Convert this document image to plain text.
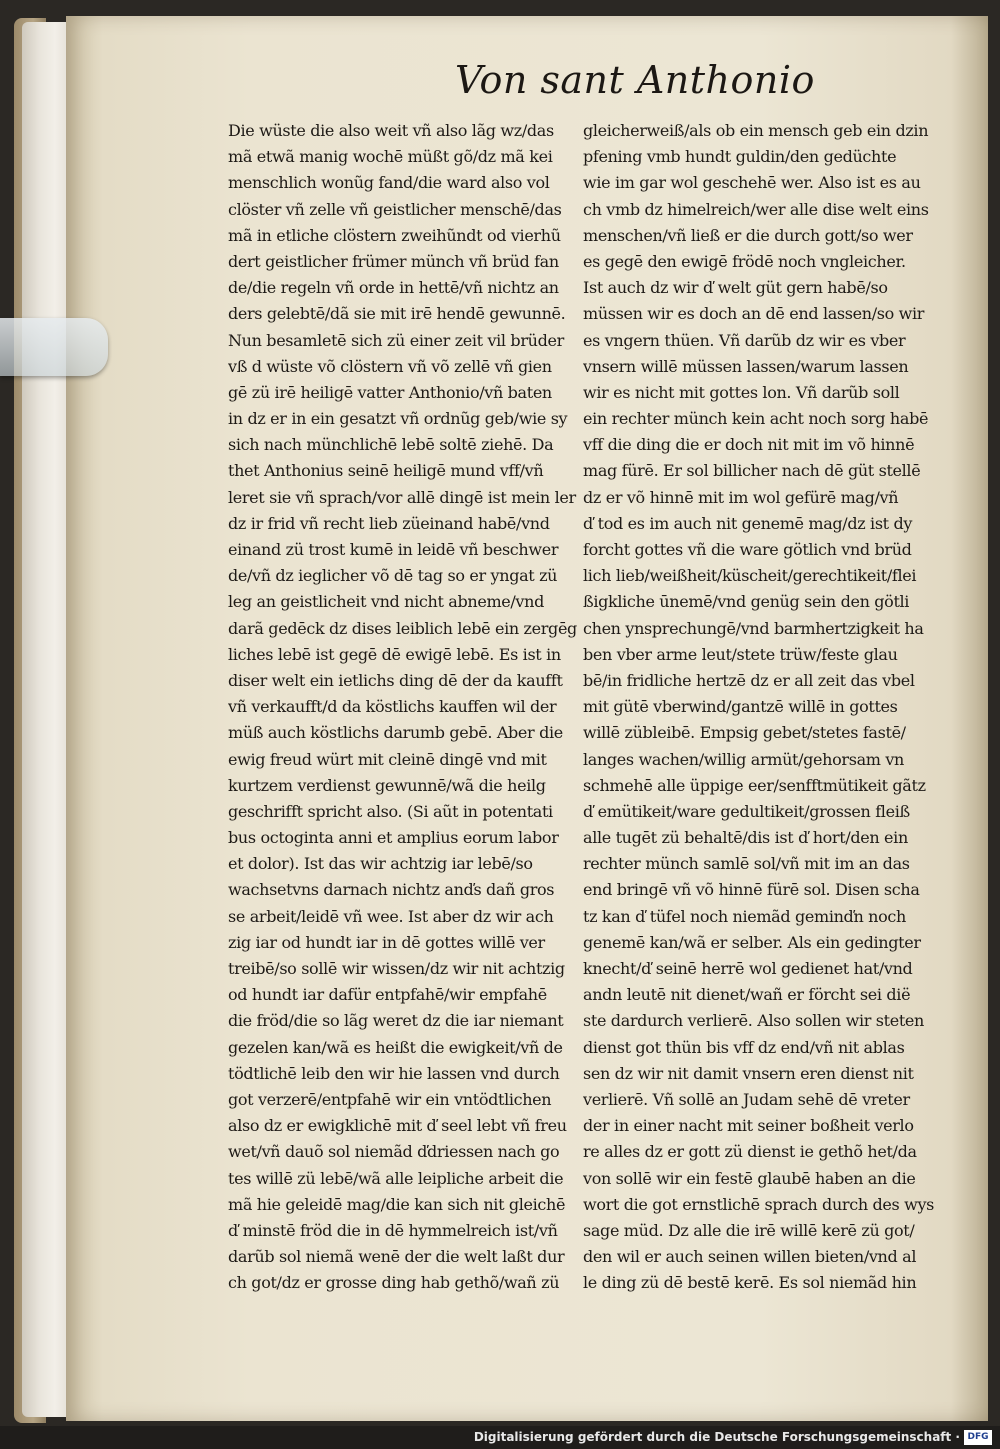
Von sant Anthonio
Die wüste die also weit vñ also lãg wz/das
mã etwã manig wochē müßt gõ/dz mã kei
menschlich wonũg fand/die ward also vol
clöster vñ zelle vñ geistlicher menschē/das
mã in etliche clöstern zweihũndt od vierhũ
dert geistlicher frümer münch vñ brüd fan
de/die regeln vñ orde in hettē/vñ nichtz an
ders gelebtē/dã sie mit irē hendē gewunnē.
Nun besamletē sich zü einer zeit vil brüder
vß d wüste võ clöstern vñ võ zellē vñ gien
gē zü irē heiligē vatter Anthonio/vñ baten
in dz er in ein gesatzt vñ ordnũg geb/wie sy
sich nach münchlichē lebē soltē ziehē. Da
thet Anthonius seinē heiligē mund vff/vñ
leret sie vñ sprach/vor allē dingē ist mein ler
dz ir frid vñ recht lieb züeinand habē/vnd
einand zü trost kumē in leidē vñ beschwer
de/vñ dz ieglicher võ dē tag so er yngat zü
leg an geistlicheit vnd nicht abneme/vnd
darã gedēck dz dises leiblich lebē ein zergēg
liches lebē ist gegē dē ewigē lebē. Es ist in
diser welt ein ietlichs ding dē der da kaufft
vñ verkaufft/d da köstlichs kauffen wil der
müß auch köstlichs darumb gebē. Aber die
ewig freud würt mit cleinē dingē vnd mit
kurtzem verdienst gewunnē/wã die heilg
geschrifft spricht also. (Si aũt in potentati
bus octoginta anni et amplius eorum labor
et dolor). Ist das wir achtzig iar lebē/so
wachsetvns darnach nichtz anďs dañ gros
se arbeit/leidē vñ wee. Ist aber dz wir ach
zig iar od hundt iar in dē gottes willē ver
treibē/so sollē wir wissen/dz wir nit achtzig
od hundt iar dafür entpfahē/wir empfahē
die fröd/die so lãg weret dz die iar niemant
gezelen kan/wã es heißt die ewigkeit/vñ de
tödtlichē leib den wir hie lassen vnd durch
got verzerē/entpfahē wir ein vntödtlichen
also dz er ewigklichē mit ď seel lebt vñ freu
wet/vñ dauõ sol niemãd ďdriessen nach go
tes willē zü lebē/wã alle leipliche arbeit die
mã hie geleidē mag/die kan sich nit gleichē
ď minstē fröd die in dē hymmelreich ist/vñ
darũb sol niemã wenē der die welt laßt dur
ch got/dz er grosse ding hab gethõ/wañ zü
gleicherweiß/als ob ein mensch geb ein dzin
pfening vmb hundt guldin/den gedüchte
wie im gar wol geschehē wer. Also ist es au
ch vmb dz himelreich/wer alle dise welt eins
menschen/vñ ließ er die durch gott/so wer
es gegē den ewigē frödē noch vngleicher.
Ist auch dz wir ď welt güt gern habē/so
müssen wir es doch an dē end lassen/so wir
es vngern thüen. Vñ darũb dz wir es vber
vnsern willē müssen lassen/warum lassen
wir es nicht mit gottes lon. Vñ darũb soll
ein rechter münch kein acht noch sorg habē
vff die ding die er doch nit mit im võ hinnē
mag fürē. Er sol billicher nach dē güt stellē
dz er võ hinnē mit im wol gefürē mag/vñ
ď tod es im auch nit genemē mag/dz ist dy
forcht gottes vñ die ware götlich vnd brüd
lich lieb/weißheit/küscheit/gerechtikeit/flei
ßigkliche ūnemē/vnd genüg sein den götli
chen ynsprechungē/vnd barmhertzigkeit ha
ben vber arme leut/stete trüw/feste glau
bē/in fridliche hertzē dz er all zeit das vbel
mit gütē vberwind/gantzē willē in gottes
willē zübleibē. Empsig gebet/stetes fastē/
langes wachen/willig armüt/gehorsam vn
schmehē alle üppige eer/senfftmütikeit gãtz
ď emütikeit/ware gedultikeit/grossen fleiß
alle tugēt zü behaltē/dis ist ď hort/den ein
rechter münch samlē sol/vñ mit im an das
end bringē vñ võ hinnē fürē sol. Disen scha
tz kan ď tüfel noch niemãd geminďn noch
genemē kan/wã er selber. Als ein gedingter
knecht/ď seinē herrē wol gedienet hat/vnd
andn leutē nit dienet/wañ er förcht sei dië
ste dardurch verlierē. Also sollen wir steten
dienst got thün bis vff dz end/vñ nit ablas
sen dz wir nit damit vnsern eren dienst nit
verlierē. Vñ sollē an Judam sehē dē vreter
der in einer nacht mit seiner boßheit verlo
re alles dz er gott zü dienst ie gethõ het/da
von sollē wir ein festē glaubē haben an die
wort die got ernstlichē sprach durch des wys
sage müd. Dz alle die irē willē kerē zü got/
den wil er auch seinen willen bieten/vnd al
le ding zü dē bestē kerē. Es sol niemãd hin
Digitalisierung gefördert durch die Deutsche Forschungsgemeinschaft · DFG
